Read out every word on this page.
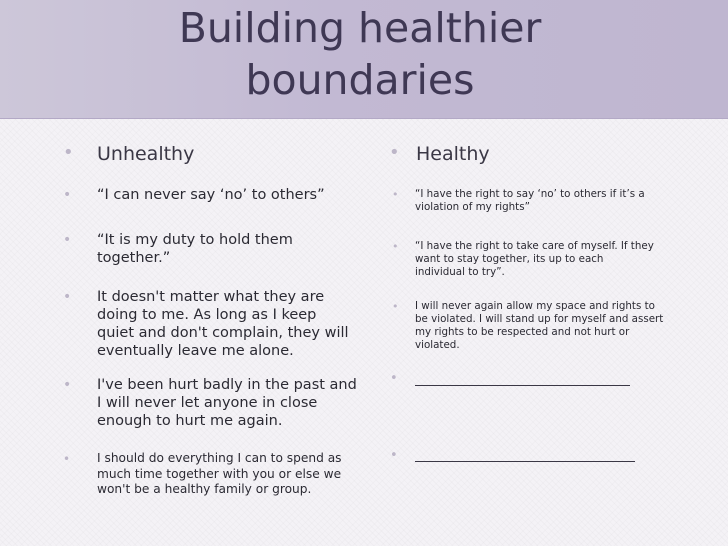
Building healthier
boundaries
• Unhealthy
• “I can never say ‘no’ to others”
• “It is my duty to hold them together.”
• It doesn't matter what they are doing to me. As long as I keep quiet and don't complain, they will eventually leave me alone.
• I've been hurt badly in the past and I will never let anyone in close enough to hurt me again.
• I should do everything I can to spend as much time together with you or else we won't be a healthy family or group.
• Healthy
• “I have the right to say ‘no’ to others if it’s a violation of my rights”
• “I have the right to take care of myself. If they want to stay together, its up to each individual to try”.
• I will never again allow my space and rights to be violated. I will stand up for myself and assert my rights to be respected and not hurt or violated.
•
•
